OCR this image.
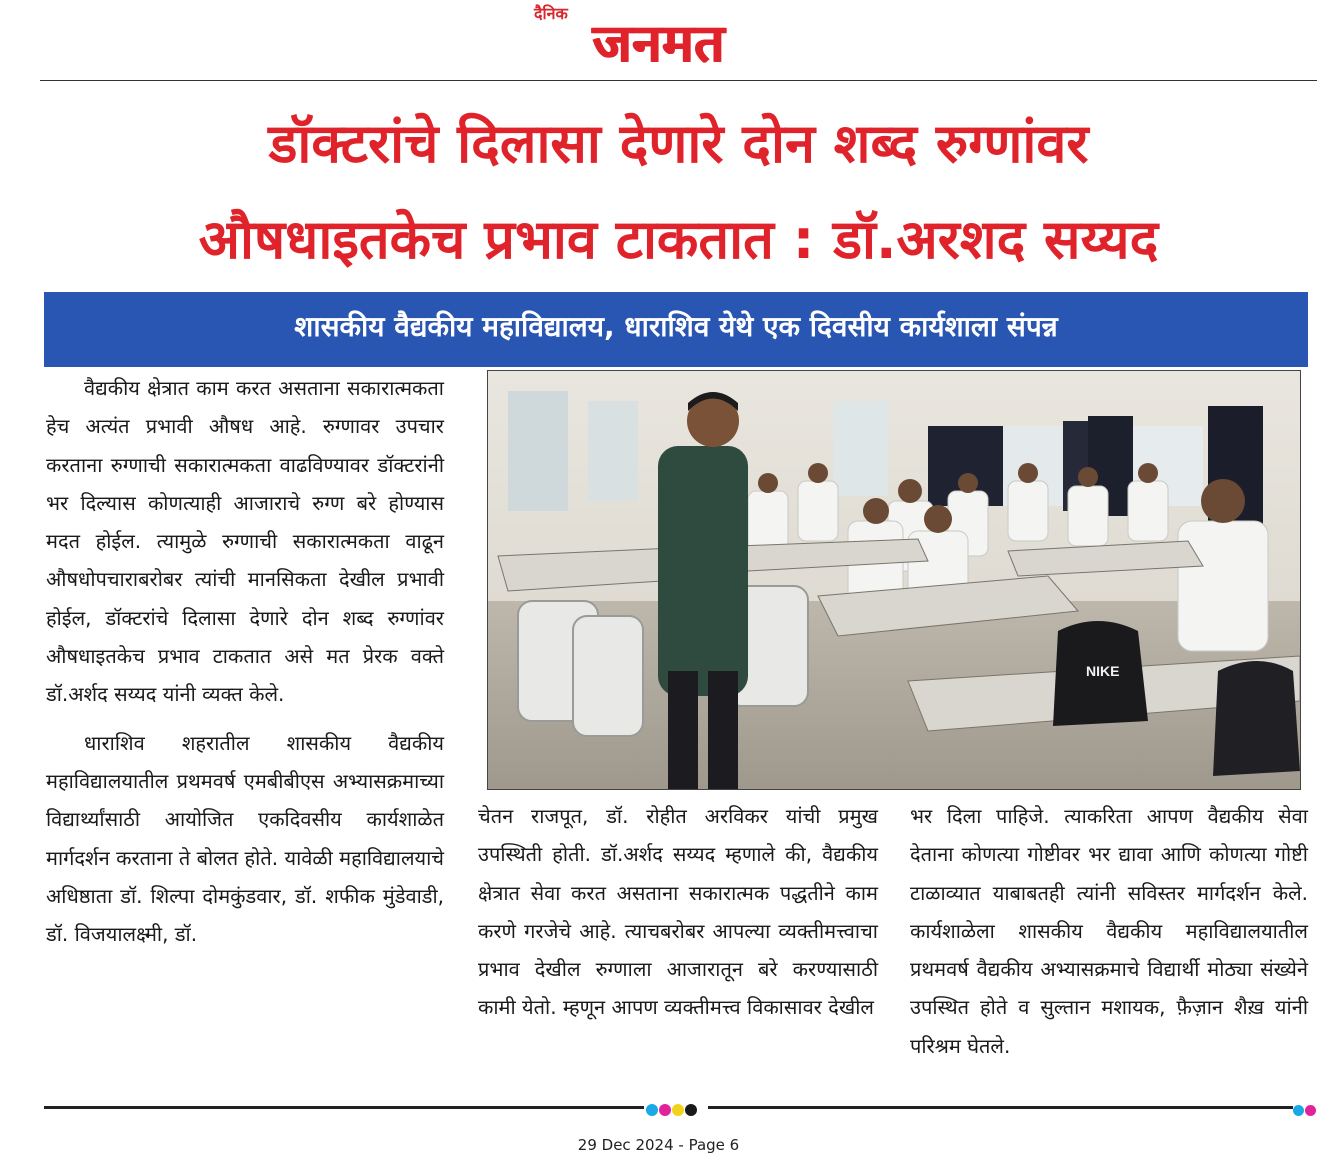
दैनिक
जनमत
डॉक्टरांचे दिलासा देणारे दोन शब्द रुग्णांवर
औषधाइतकेच प्रभाव टाकतात : डॉ.अरशद सय्यद
शासकीय वैद्यकीय महाविद्यालय, धाराशिव येथे एक दिवसीय कार्यशाला संपन्न

वैद्यकीय क्षेत्रात काम करत असताना सकारात्मकता हेच अत्यंत प्रभावी औषध आहे. रुग्णावर उपचार करताना रुग्णाची सकारात्मकता वाढविण्यावर डॉक्टरांनी भर दिल्यास कोणत्याही आजाराचे रुग्ण बरे होण्यास मदत होईल. त्यामुळे रुग्णाची सकारात्मकता वाढून औषधोपचाराबरोबर त्यांची मानसिकता देखील प्रभावी होईल, डॉक्टरांचे दिलासा देणारे दोन शब्द रुग्णांवर औषधाइतकेच प्रभाव टाकतात असे मत प्रेरक वक्ते डॉ.अर्शद सय्यद यांनी व्यक्त केले.

धाराशिव शहरातील शासकीय वैद्यकीय महाविद्यालयातील प्रथमवर्ष एमबीबीएस अभ्यासक्रमाच्या विद्यार्थ्यांसाठी आयोजित एकदिवसीय कार्यशाळेत मार्गदर्शन करताना ते बोलत होते. यावेळी महाविद्यालयाचे अधिष्ठाता डॉ. शिल्पा दोमकुंडवार, डॉ. शफीक मुंडेवाडी, डॉ. विजयालक्ष्मी, डॉ.

NIKE

चेतन राजपूत, डॉ. रोहीत अरविकर यांची प्रमुख उपस्थिती होती. डॉ.अर्शद सय्यद म्हणाले की, वैद्यकीय क्षेत्रात सेवा करत असताना सकारात्मक पद्धतीने काम करणे गरजेचे आहे. त्याचबरोबर आपल्या व्यक्तीमत्त्वाचा प्रभाव देखील रुग्णाला आजारातून बरे करण्यासाठी कामी येतो. म्हणून आपण व्यक्तीमत्त्व विकासावर देखील

भर दिला पाहिजे. त्याकरिता आपण वैद्यकीय सेवा देताना कोणत्या गोष्टीवर भर द्यावा आणि कोणत्या गोष्टी टाळाव्यात याबाबतही त्यांनी सविस्तर मार्गदर्शन केले. कार्यशाळेला शासकीय वैद्यकीय महाविद्यालयातील प्रथमवर्ष वैद्यकीय अभ्यासक्रमाचे विद्यार्थी मोठ्या संख्येने उपस्थित होते व सुल्तान मशायक, फ़ैज़ान शैख़ यांनी परिश्रम घेतले.

29 Dec 2024 - Page 6
